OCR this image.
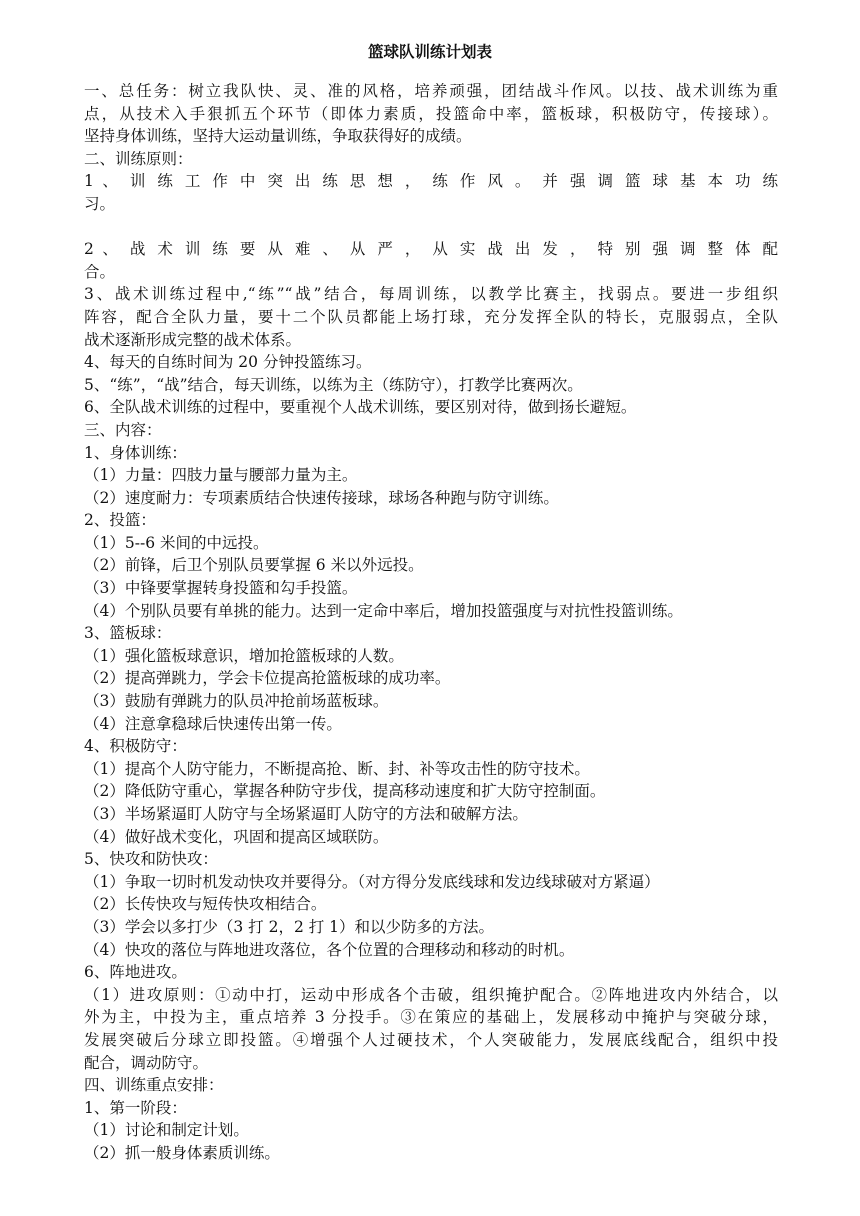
篮球队训练计划表
一、总任务：树立我队快、灵、准的风格，培养顽强，团结战斗作风。以技、战术训练为重
点，从技术入手狠抓五个环节（即体力素质，投篮命中率，篮板球，积极防守，传接球）。
坚持身体训练，坚持大运动量训练，争取获得好的成绩。
二、训练原则：
1 、 训 练 工 作 中 突 出 练 思 想 ， 练 作 风 。 并 强 调 篮 球 基 本 功 练
习。
2 、 战 术 训 练 要 从 难 、 从 严 ， 从 实 战 出 发 ， 特 别 强 调 整 体 配
合。
3、战术训练过程中,“练”“战”结合，每周训练，以教学比赛主，找弱点。要进一步组织
阵容，配合全队力量，要十二个队员都能上场打球，充分发挥全队的特长，克服弱点，全队
战术逐渐形成完整的战术体系。
4、每天的自练时间为 20 分钟投篮练习。
5、“练”，“战”结合，每天训练，以练为主（练防守），打教学比赛两次。
6、全队战术训练的过程中，要重视个人战术训练，要区别对待，做到扬长避短。
三、内容：
1、身体训练：
（1）力量：四肢力量与腰部力量为主。
（2）速度耐力：专项素质结合快速传接球，球场各种跑与防守训练。
2、投篮：
（1）5--6 米间的中远投。
（2）前锋，后卫个别队员要掌握 6 米以外远投。
（3）中锋要掌握转身投篮和勾手投篮。
（4）个别队员要有单挑的能力。达到一定命中率后，增加投篮强度与对抗性投篮训练。
3、篮板球：
（1）强化篮板球意识，增加抢篮板球的人数。
（2）提高弹跳力，学会卡位提高抢篮板球的成功率。
（3）鼓励有弹跳力的队员冲抢前场蓝板球。
（4）注意拿稳球后快速传出第一传。
4、积极防守：
（1）提高个人防守能力，不断提高抢、断、封、补等攻击性的防守技术。
（2）降低防守重心，掌握各种防守步伐，提高移动速度和扩大防守控制面。
（3）半场紧逼盯人防守与全场紧逼盯人防守的方法和破解方法。
（4）做好战术变化，巩固和提高区域联防。
5、快攻和防快攻：
（1）争取一切时机发动快攻并要得分。（对方得分发底线球和发边线球破对方紧逼）
（2）长传快攻与短传快攻相结合。
（3）学会以多打少（3 打 2，2 打 1）和以少防多的方法。
（4）快攻的落位与阵地进攻落位，各个位置的合理移动和移动的时机。
6、阵地进攻。
（1）进攻原则：①动中打，运动中形成各个击破，组织掩护配合。②阵地进攻内外结合，以
外为主，中投为主，重点培养 3 分投手。③在策应的基础上，发展移动中掩护与突破分球，
发展突破后分球立即投篮。④增强个人过硬技术，个人突破能力，发展底线配合，组织中投
配合，调动防守。
四、训练重点安排：
1、第一阶段：
（1）讨论和制定计划。
（2）抓一般身体素质训练。
